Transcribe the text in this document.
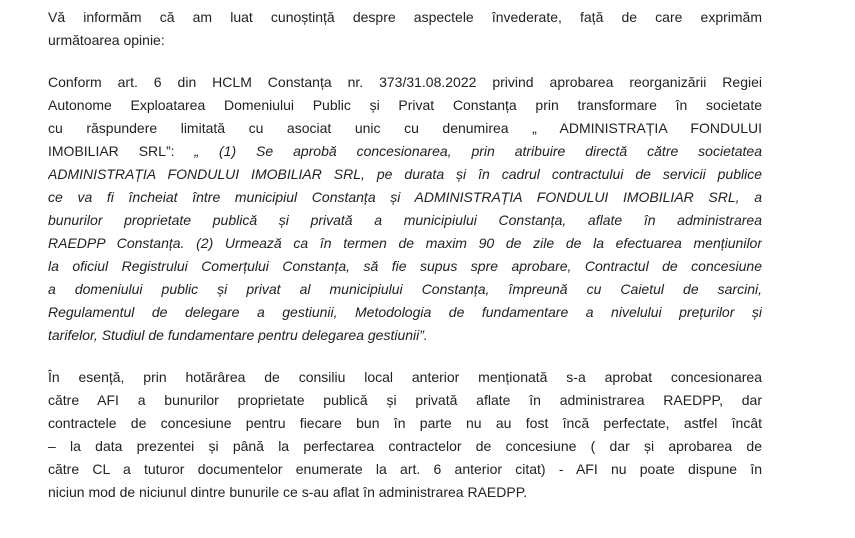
Vă informăm că am luat cunoștință despre aspectele învederate, față de care exprimăm
următoarea opinie:
Conform art. 6 din HCLM Constanța nr. 373/31.08.2022 privind aprobarea reorganizării Regiei
Autonome Exploatarea Domeniului Public și Privat Constanța prin transformare în societate
cu răspundere limitată cu asociat unic cu denumirea „ ADMINISTRAȚIA FONDULUI
IMOBILIAR SRL”: „ (1) Se aprobă concesionarea, prin atribuire directă către societatea
ADMINISTRAȚIA FONDULUI IMOBILIAR SRL, pe durata și în cadrul contractului de servicii publice
ce va fi încheiat între municipiul Constanța și ADMINISTRAȚIA FONDULUI IMOBILIAR SRL, a
bunurilor proprietate publică și privată a municipiului Constanța, aflate în administrarea
RAEDPP Constanța. (2) Urmează ca în termen de maxim 90 de zile de la efectuarea mențiunilor
la oficiul Registrului Comerțului Constanța, să fie supus spre aprobare, Contractul de concesiune
a domeniului public și privat al municipiului Constanța, împreună cu Caietul de sarcini,
Regulamentul de delegare a gestiunii, Metodologia de fundamentare a nivelului prețurilor și
tarifelor, Studiul de fundamentare pentru delegarea gestiunii”.
În esență, prin hotărârea de consiliu local anterior menționată s-a aprobat concesionarea
către AFI a bunurilor proprietate publică și privată aflate în administrarea RAEDPP, dar
contractele de concesiune pentru fiecare bun în parte nu au fost încă perfectate, astfel încât
– la data prezentei și până la perfectarea contractelor de concesiune ( dar și aprobarea de
către CL a tuturor documentelor enumerate la art. 6 anterior citat) - AFI nu poate dispune în
niciun mod de niciunul dintre bunurile ce s-au aflat în administrarea RAEDPP.
